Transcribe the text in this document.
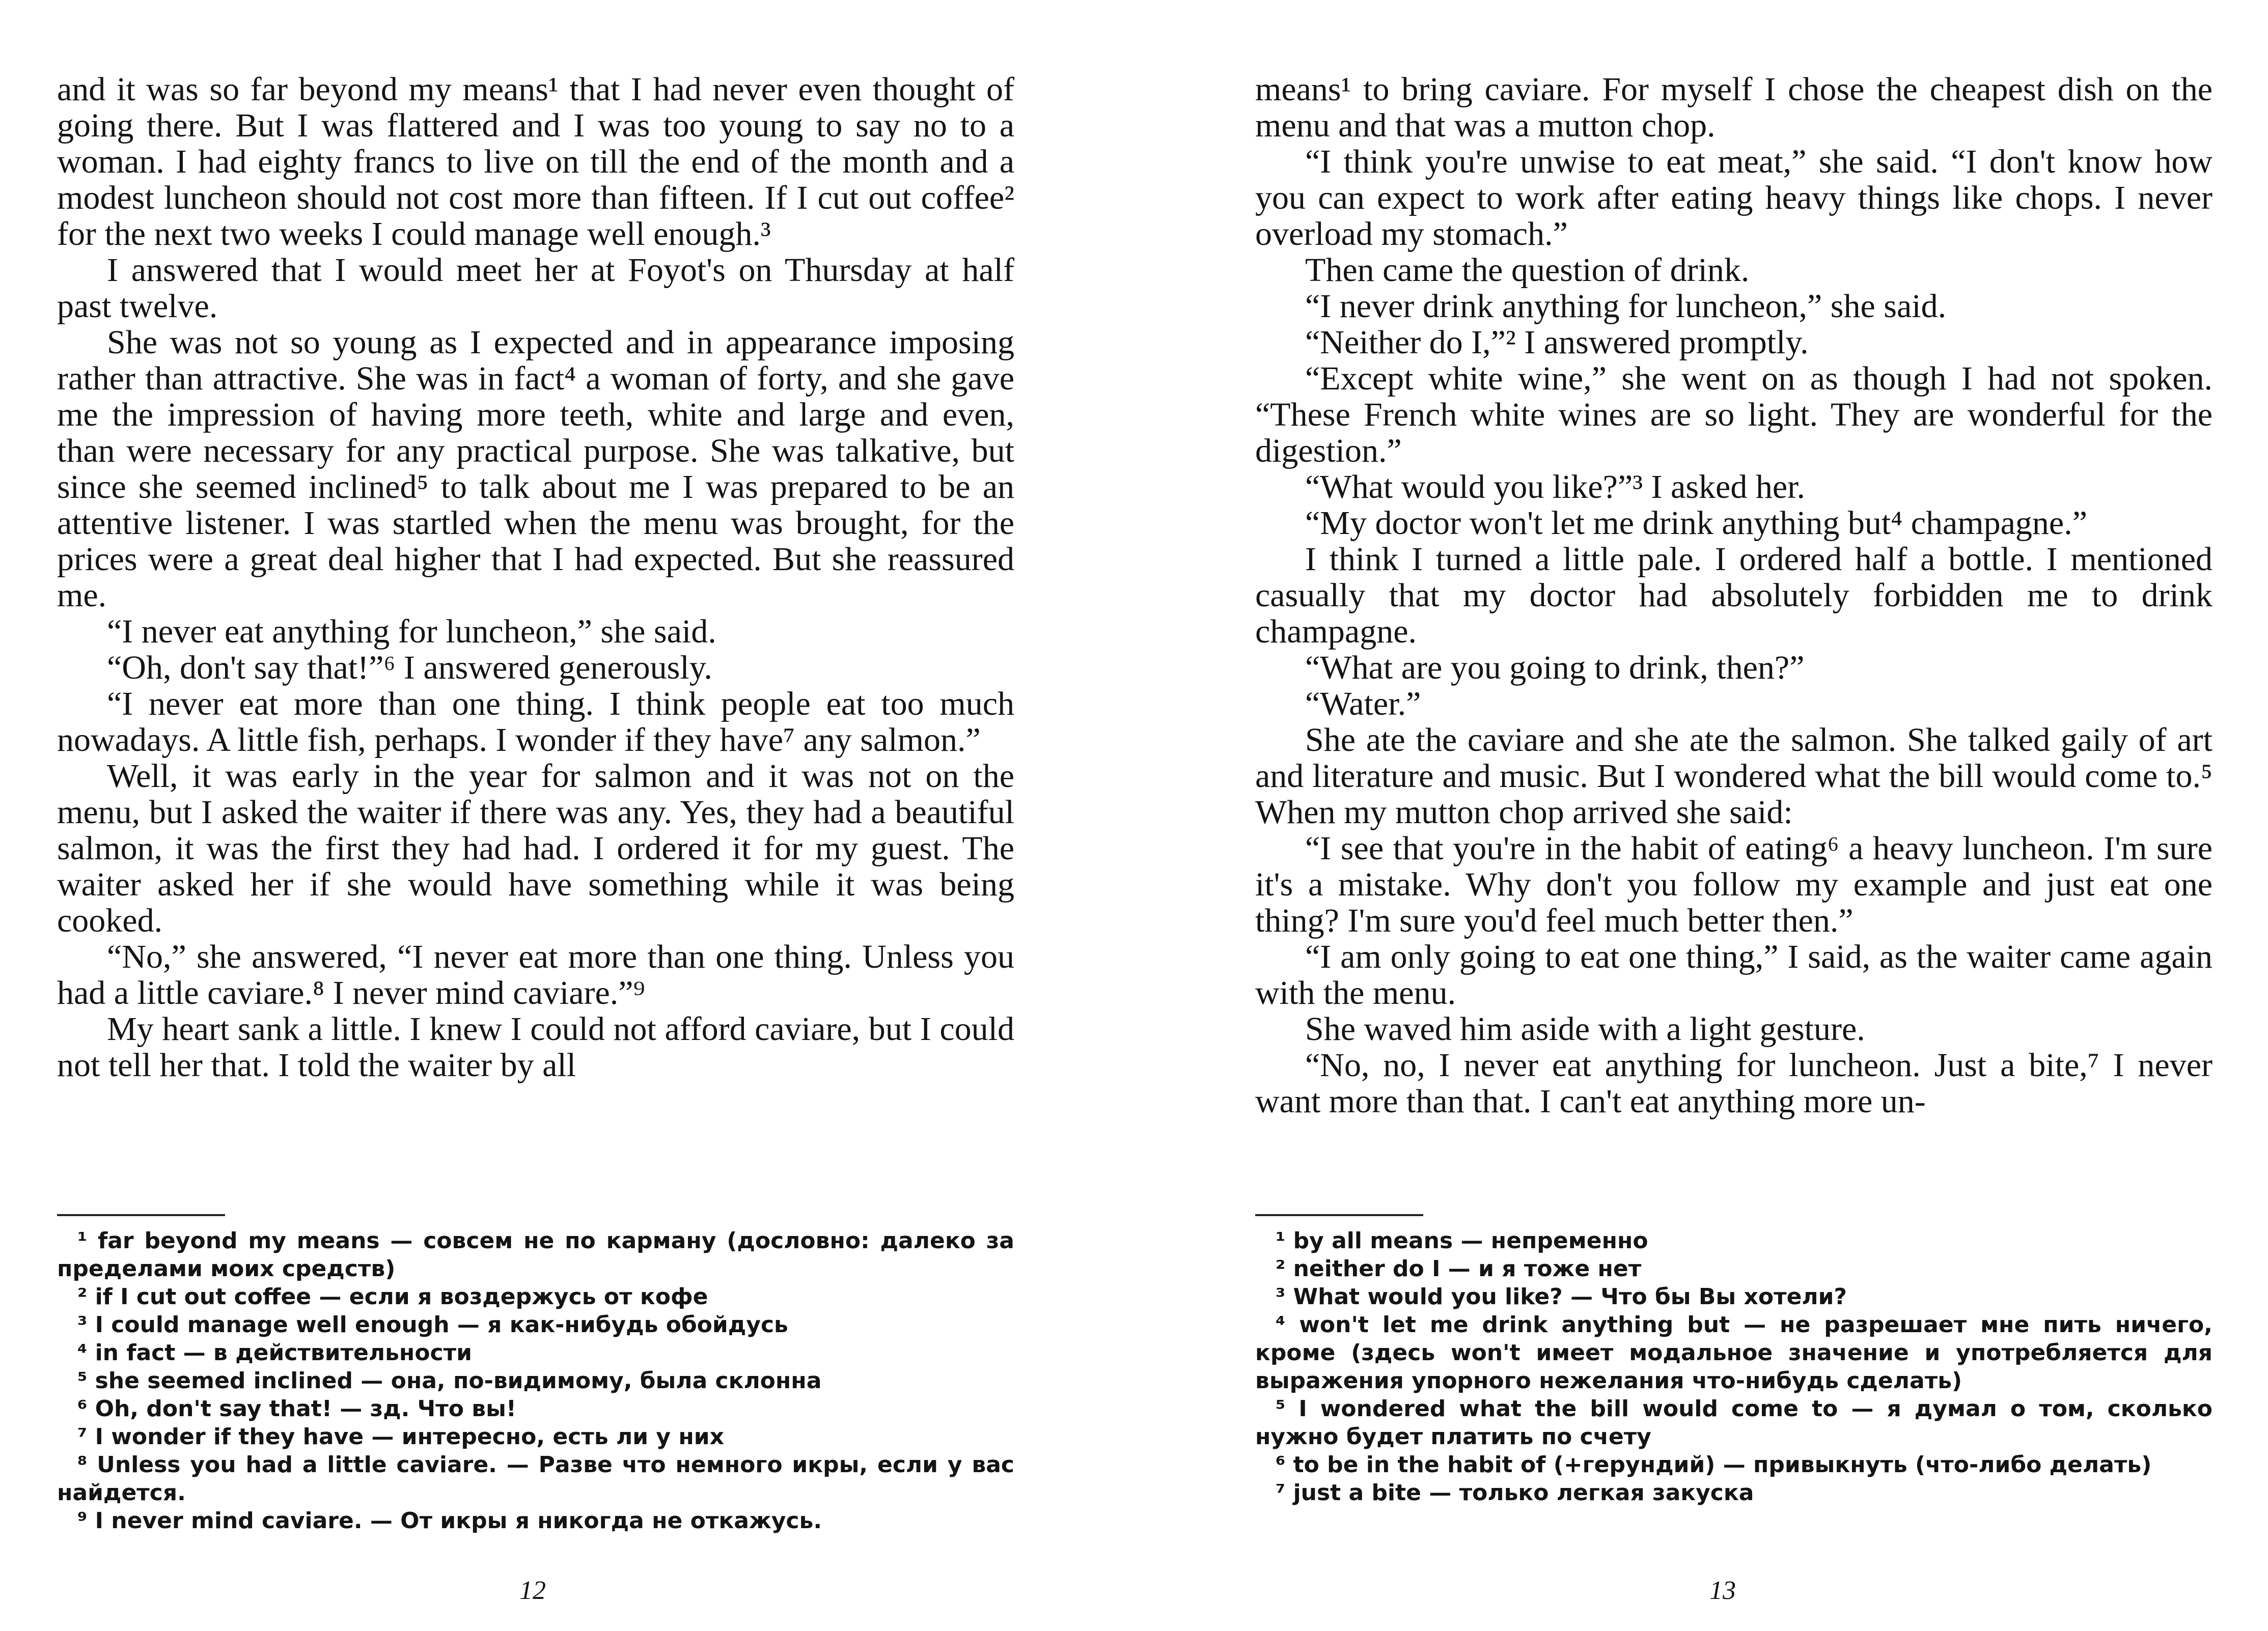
and it was so far beyond my means¹ that I had never even thought of going there. But I was flattered and I was too young to say no to a woman. I had eighty francs to live on till the end of the month and a modest luncheon should not cost more than fifteen. If I cut out coffee² for the next two weeks I could manage well enough.³

I answered that I would meet her at Foyot's on Thursday at half past twelve.

She was not so young as I expected and in appearance imposing rather than attractive. She was in fact⁴ a woman of forty, and she gave me the impression of having more teeth, white and large and even, than were necessary for any practical purpose. She was talkative, but since she seemed inclined⁵ to talk about me I was prepared to be an attentive listener. I was startled when the menu was brought, for the prices were a great deal higher that I had expected. But she reassured me.

“I never eat anything for luncheon,” she said.

“Oh, don't say that!”⁶ I answered generously.

“I never eat more than one thing. I think people eat too much nowadays. A little fish, perhaps. I wonder if they have⁷ any salmon.”

Well, it was early in the year for salmon and it was not on the menu, but I asked the waiter if there was any. Yes, they had a beautiful salmon, it was the first they had had. I ordered it for my guest. The waiter asked her if she would have something while it was being cooked.

“No,” she answered, “I never eat more than one thing. Unless you had a little caviare.⁸ I never mind caviare.”⁹

My heart sank a little. I knew I could not afford caviare, but I could not tell her that. I told the waiter by all

¹ far beyond my means — совсем не по карману (дословно: далеко за пределами моих средств)

² if I cut out coffee — если я воздержусь от кофе

³ I could manage well enough — я как-нибудь обойдусь

⁴ in fact — в действительности

⁵ she seemed inclined — она, по-видимому, была склонна

⁶ Oh, don't say that! — зд. Что вы!

⁷ I wonder if they have — интересно, есть ли у них

⁸ Unless you had a little caviare. — Разве что немного икры, если у вас найдется.

⁹ I never mind caviare. — От икры я никогда не откажусь.

12

means¹ to bring caviare. For myself I chose the cheapest dish on the menu and that was a mutton chop.

“I think you're unwise to eat meat,” she said. “I don't know how you can expect to work after eating heavy things like chops. I never overload my stomach.”

Then came the question of drink.

“I never drink anything for luncheon,” she said.

“Neither do I,”² I answered promptly.

“Except white wine,” she went on as though I had not spoken. “These French white wines are so light. They are wonderful for the digestion.”

“What would you like?”³ I asked her.

“My doctor won't let me drink anything but⁴ champagne.”

I think I turned a little pale. I ordered half a bottle. I mentioned casually that my doctor had absolutely forbidden me to drink champagne.

“What are you going to drink, then?”

“Water.”

She ate the caviare and she ate the salmon. She talked gaily of art and literature and music. But I wondered what the bill would come to.⁵ When my mutton chop arrived she said:

“I see that you're in the habit of eating⁶ a heavy luncheon. I'm sure it's a mistake. Why don't you follow my example and just eat one thing? I'm sure you'd feel much better then.”

“I am only going to eat one thing,” I said, as the waiter came again with the menu.

She waved him aside with a light gesture.

“No, no, I never eat anything for luncheon. Just a bite,⁷ I never want more than that. I can't eat anything more un-

¹ by all means — непременно

² neither do I — и я тоже нет

³ What would you like? — Что бы Вы хотели?

⁴ won't let me drink anything but — не разрешает мне пить ничего, кроме (здесь won't имеет модальное значение и употребляется для выражения упорного нежелания что-нибудь сделать)

⁵ I wondered what the bill would come to — я думал о том, сколько нужно будет платить по счету

⁶ to be in the habit of (+герундий) — привыкнуть (что-либо делать)

⁷ just a bite — только легкая закуска

13
